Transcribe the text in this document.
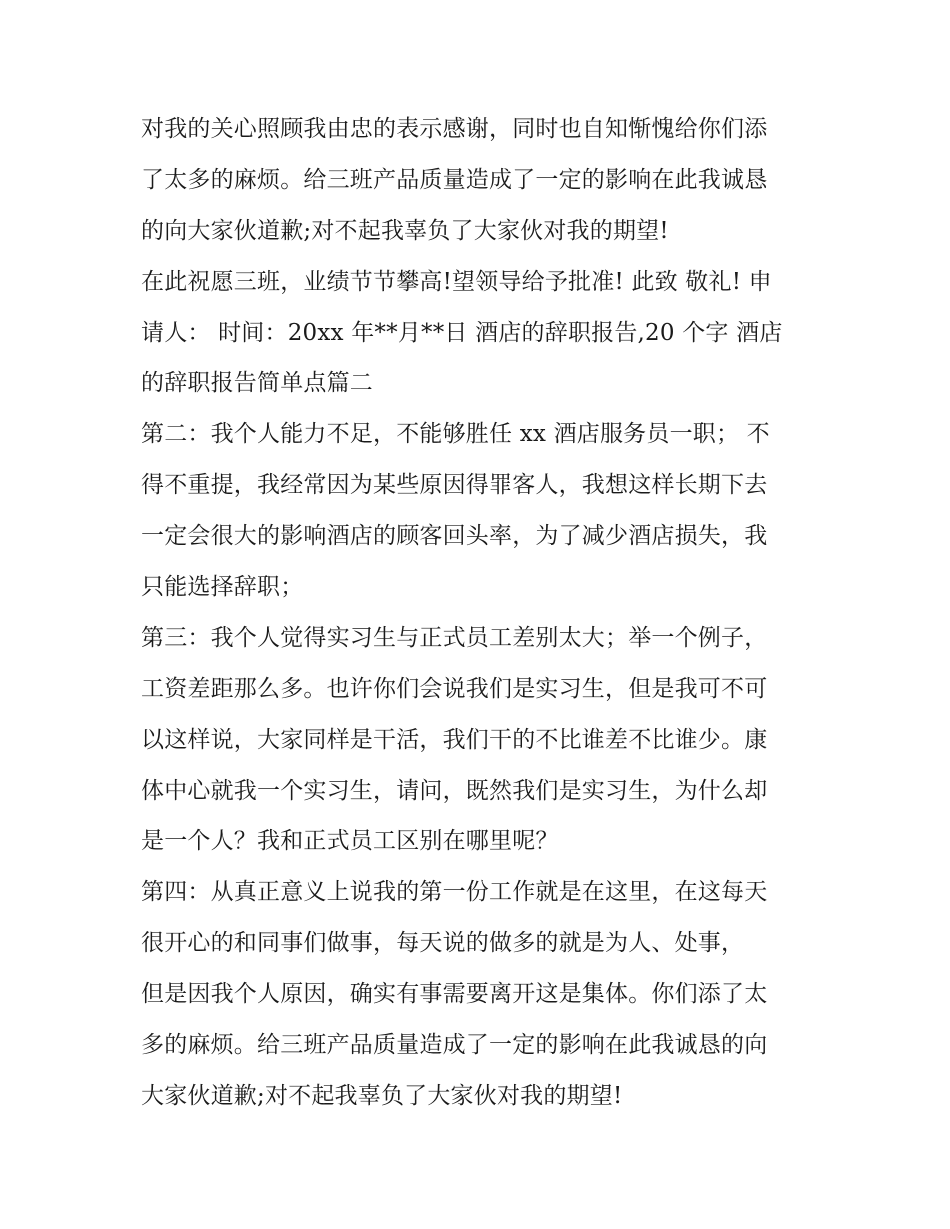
对我的关心照顾我由忠的表示感谢，同时也自知惭愧给你们添
了太多的麻烦。给三班产品质量造成了一定的影响在此我诚恳
的向大家伙道歉;对不起我辜负了大家伙对我的期望!
在此祝愿三班，业绩节节攀高!望领导给予批准! 此致 敬礼! 申
请人： 时间：20xx 年**月**日 酒店的辞职报告,20 个字 酒店
的辞职报告简单点篇二
第二：我个人能力不足，不能够胜任 xx 酒店服务员一职； 不
得不重提，我经常因为某些原因得罪客人，我想这样长期下去
一定会很大的影响酒店的顾客回头率，为了减少酒店损失，我
只能选择辞职；
第三：我个人觉得实习生与正式员工差别太大；举一个例子，
工资差距那么多。也许你们会说我们是实习生，但是我可不可
以这样说，大家同样是干活，我们干的不比谁差不比谁少。康
体中心就我一个实习生，请问，既然我们是实习生，为什么却
是一个人？我和正式员工区别在哪里呢？
第四：从真正意义上说我的第一份工作就是在这里，在这每天
很开心的和同事们做事，每天说的做多的就是为人、处事，
但是因我个人原因，确实有事需要离开这是集体。你们添了太
多的麻烦。给三班产品质量造成了一定的影响在此我诚恳的向
大家伙道歉;对不起我辜负了大家伙对我的期望!
